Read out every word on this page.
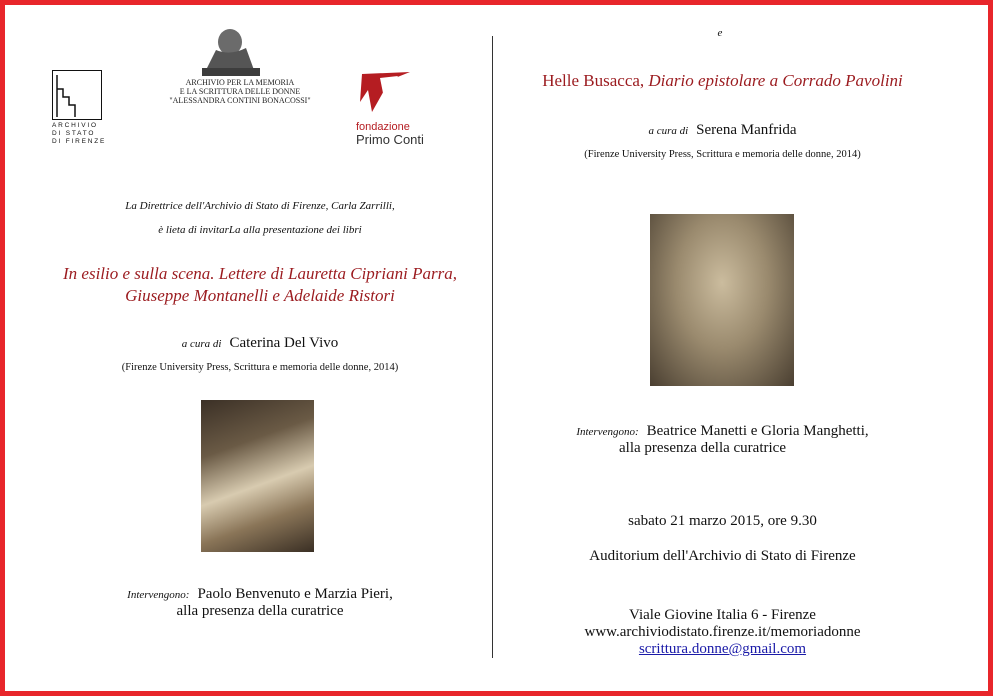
ARCHIVIO
DI STATO
DI FIRENZE
ARCHIVIO PER LA MEMORIA
E LA SCRITTURA DELLE DONNE
"ALESSANDRA CONTINI BONACOSSI"
fondazione
Primo Conti
La Direttrice dell'Archivio di Stato di Firenze, Carla Zarrilli,
è lieta di invitarLa alla presentazione dei libri
In esilio e sulla scena. Lettere di Lauretta Cipriani Parra,
Giuseppe Montanelli e Adelaide Ristori
a cura di Caterina Del Vivo
(Firenze University Press, Scrittura e memoria delle donne, 2014)
Intervengono: Paolo Benvenuto e Marzia Pieri,
alla presenza della curatrice
e
Helle Busacca, Diario epistolare a Corrado Pavolini
a cura di Serena Manfrida
(Firenze University Press, Scrittura e memoria delle donne, 2014)
Intervengono: Beatrice Manetti e Gloria Manghetti,
alla presenza della curatrice
sabato 21 marzo 2015, ore 9.30
Auditorium dell'Archivio di Stato di Firenze
Viale Giovine Italia 6 - Firenze
www.archiviodistato.firenze.it/memoriadonne
scrittura.donne@gmail.com
